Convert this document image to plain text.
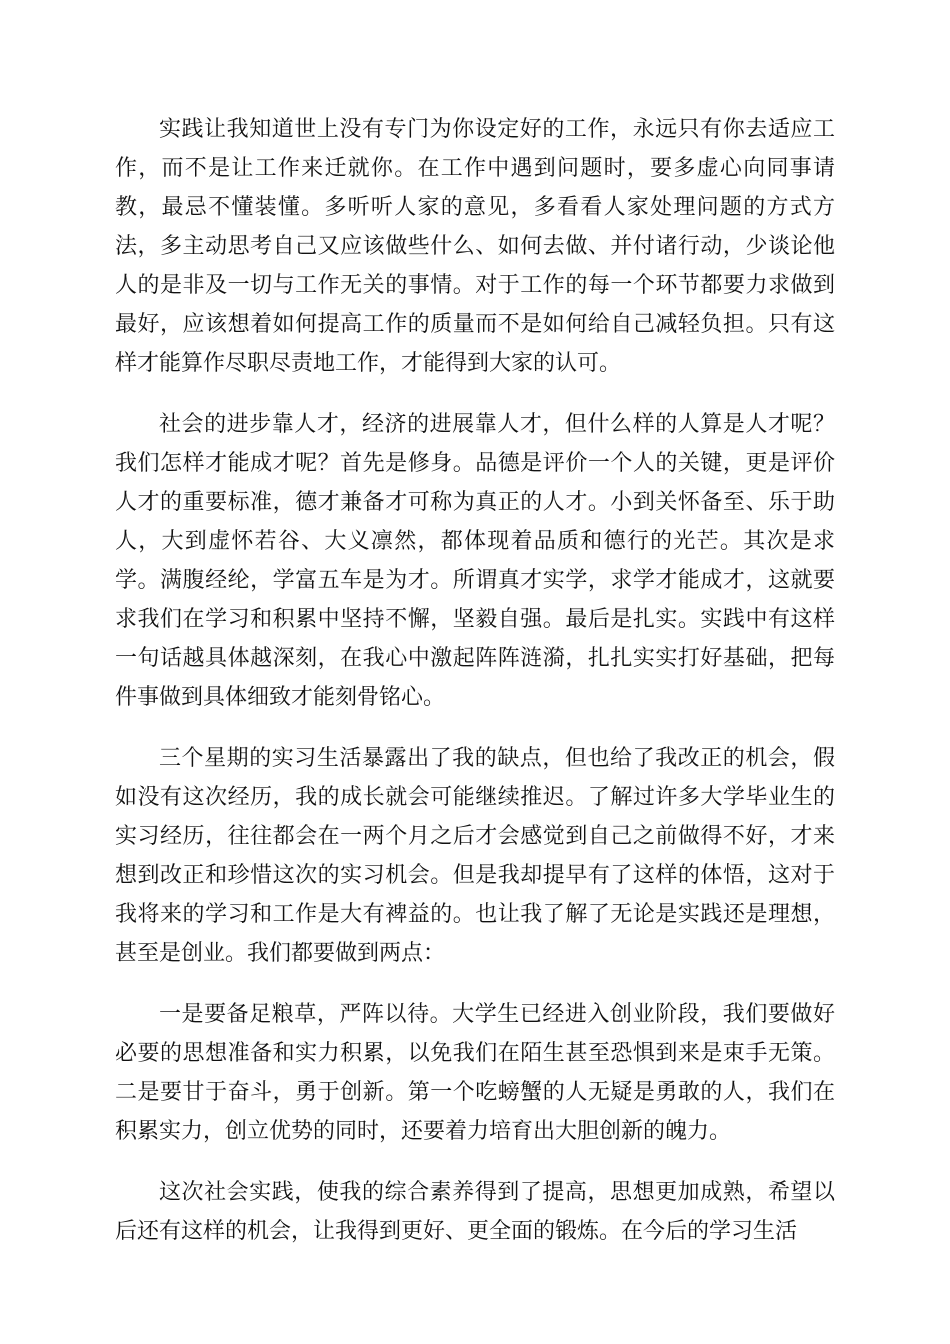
实践让我知道世上没有专门为你设定好的工作，永远只有你去适应工作，而不是让工作来迁就你。在工作中遇到问题时，要多虚心向同事请教，最忌不懂装懂。多听听人家的意见，多看看人家处理问题的方式方法，多主动思考自己又应该做些什么、如何去做、并付诸行动，少谈论他人的是非及一切与工作无关的事情。对于工作的每一个环节都要力求做到最好，应该想着如何提高工作的质量而不是如何给自己减轻负担。只有这样才能算作尽职尽责地工作，才能得到大家的认可。

社会的进步靠人才，经济的进展靠人才，但什么样的人算是人才呢？我们怎样才能成才呢？首先是修身。品德是评价一个人的关键，更是评价人才的重要标准，德才兼备才可称为真正的人才。小到关怀备至、乐于助人，大到虚怀若谷、大义凛然，都体现着品质和德行的光芒。其次是求学。满腹经纶，学富五车是为才。所谓真才实学，求学才能成才，这就要求我们在学习和积累中坚持不懈，坚毅自强。最后是扎实。实践中有这样一句话越具体越深刻，在我心中激起阵阵涟漪，扎扎实实打好基础，把每件事做到具体细致才能刻骨铭心。

三个星期的实习生活暴露出了我的缺点，但也给了我改正的机会，假如没有这次经历，我的成长就会可能继续推迟。了解过许多大学毕业生的实习经历，往往都会在一两个月之后才会感觉到自己之前做得不好，才来想到改正和珍惜这次的实习机会。但是我却提早有了这样的体悟，这对于我将来的学习和工作是大有裨益的。也让我了解了无论是实践还是理想，甚至是创业。我们都要做到两点：

一是要备足粮草，严阵以待。大学生已经进入创业阶段，我们要做好必要的思想准备和实力积累，以免我们在陌生甚至恐惧到来是束手无策。二是要甘于奋斗，勇于创新。第一个吃螃蟹的人无疑是勇敢的人，我们在积累实力，创立优势的同时，还要着力培育出大胆创新的魄力。

这次社会实践，使我的综合素养得到了提高，思想更加成熟，希望以后还有这样的机会，让我得到更好、更全面的锻炼。在今后的学习生活
